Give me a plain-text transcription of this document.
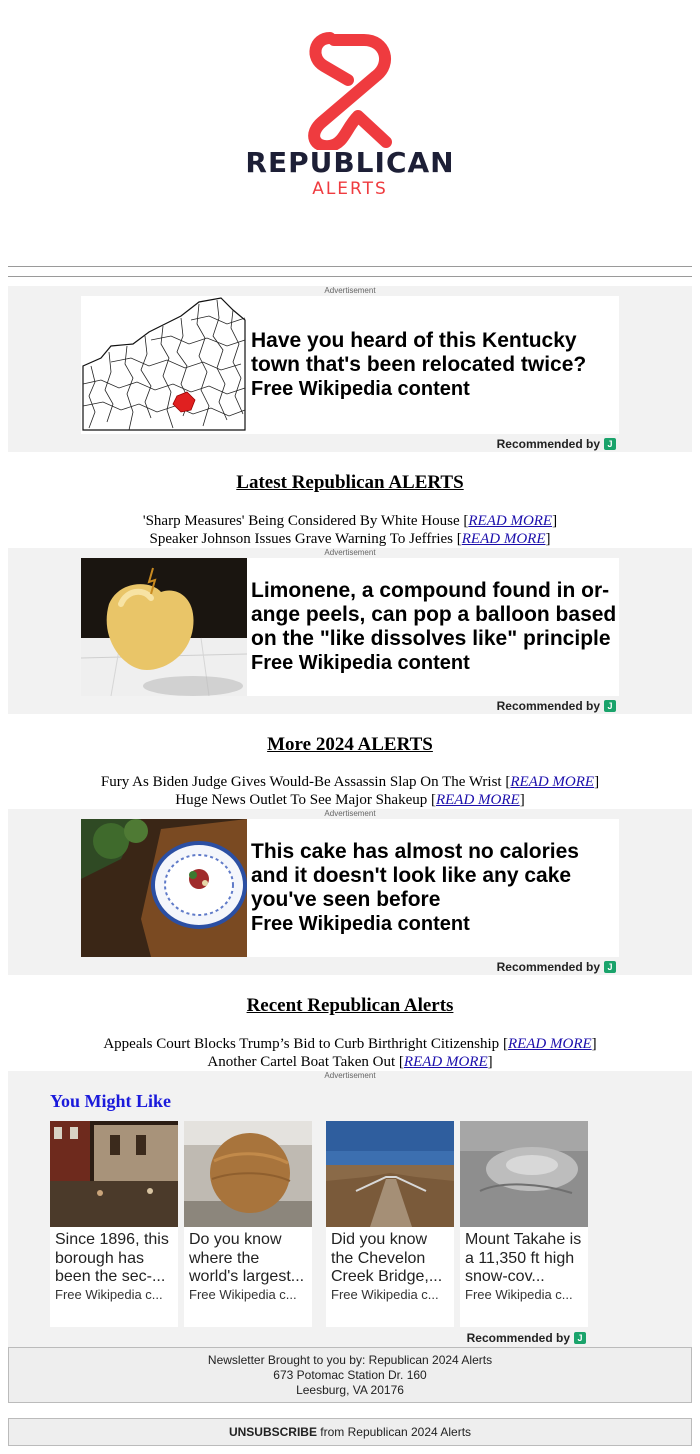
REPUBLICAN
ALERTS
Advertisement
Have you heard of this Kentucky town that's been relocated twice?
Free Wikipedia content
Recommended by J
Latest Republican ALERTS
'Sharp Measures' Being Considered By White House [READ MORE]
Speaker Johnson Issues Grave Warning To Jeffries [READ MORE]
Advertisement
Limonene, a compound found in or-ange peels, can pop a balloon based on the "like dissolves like" principle
Free Wikipedia content
Recommended by J
More 2024 ALERTS
Fury As Biden Judge Gives Would-Be Assassin Slap On The Wrist [READ MORE]
Huge News Outlet To See Major Shakeup [READ MORE]
Advertisement
This cake has almost no calories and it doesn't look like any cake you've seen before
Free Wikipedia content
Recommended by J
Recent Republican Alerts
Appeals Court Blocks Trump’s Bid to Curb Birthright Citizenship [READ MORE]
Another Cartel Boat Taken Out [READ MORE]
Advertisement
You Might Like
Since 1896, this borough has been the sec-...
Free Wikipedia c...
Do you know where the world's largest...
Free Wikipedia c...
Did you know the Chevelon Creek Bridge,...
Free Wikipedia c...
Mount Takahe is a 11,350 ft high snow-cov...
Free Wikipedia c...
Recommended by J
Newsletter Brought to you by: Republican 2024 Alerts
673 Potomac Station Dr. 160
Leesburg, VA 20176
UNSUBSCRIBE from Republican 2024 Alerts
